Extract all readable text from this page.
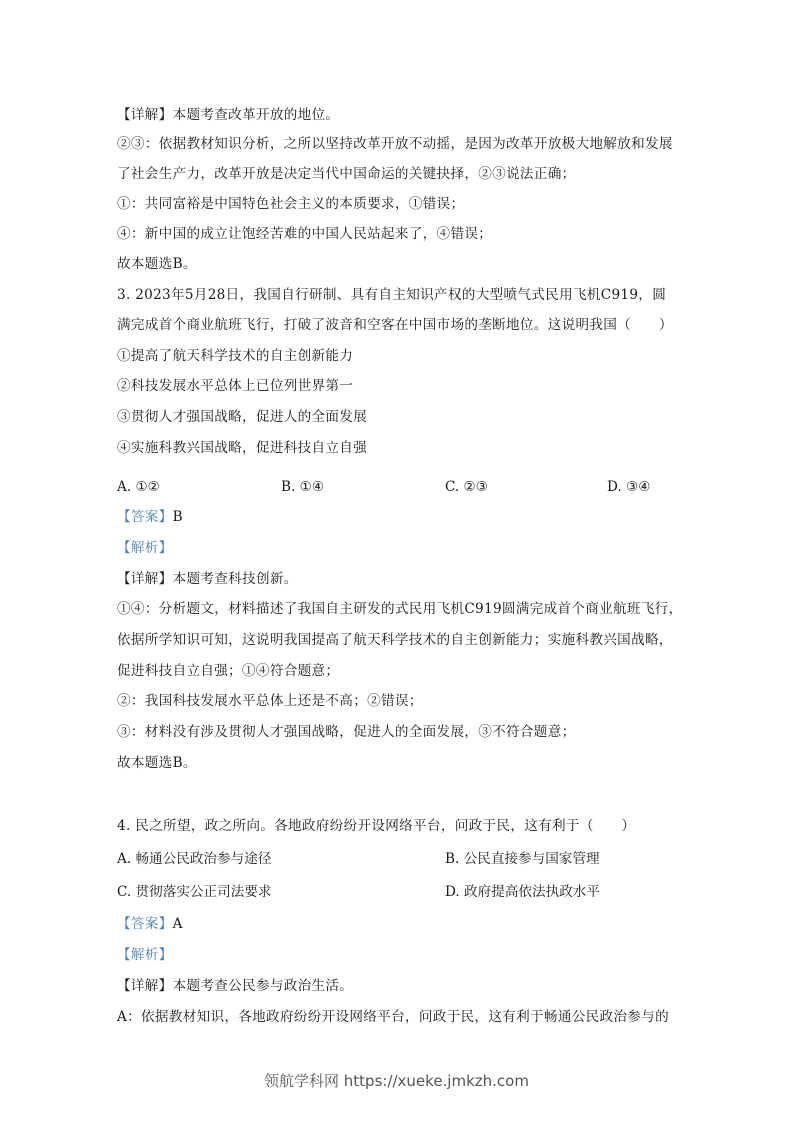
【详解】本题考查改革开放的地位。
②③：依据教材知识分析，之所以坚持改革开放不动摇，是因为改革开放极大地解放和发展
了社会生产力，改革开放是决定当代中国命运的关键抉择，②③说法正确；
①：共同富裕是中国特色社会主义的本质要求，①错误；
④：新中国的成立让饱经苦难的中国人民站起来了，④错误；
故本题选B。
3. 2023年5月28日，我国自行研制、具有自主知识产权的大型喷气式民用飞机C919，圆
满完成首个商业航班飞行，打破了波音和空客在中国市场的垄断地位。这说明我国（　　）
①提高了航天科学技术的自主创新能力
②科技发展水平总体上已位列世界第一
③贯彻人才强国战略，促进人的全面发展
④实施科教兴国战略，促进科技自立自强
A. ①②	B. ①④	C. ②③	D. ③④
【答案】B
【解析】
【详解】本题考查科技创新。
①④：分析题文，材料描述了我国自主研发的式民用飞机C919圆满完成首个商业航班飞行，
依据所学知识可知，这说明我国提高了航天科学技术的自主创新能力；实施科教兴国战略，
促进科技自立自强；①④符合题意；
②：我国科技发展水平总体上还是不高；②错误；
③：材料没有涉及贯彻人才强国战略，促进人的全面发展，③不符合题意；
故本题选B。
4. 民之所望，政之所向。各地政府纷纷开设网络平台，问政于民，这有利于（　　）
A. 畅通公民政治参与途径	B. 公民直接参与国家管理
C. 贯彻落实公正司法要求	D. 政府提高依法执政水平
【答案】A
【解析】
【详解】本题考查公民参与政治生活。
A：依据教材知识，各地政府纷纷开设网络平台，问政于民，这有利于畅通公民政治参与的
领航学科网 https://xueke.jmkzh.com
